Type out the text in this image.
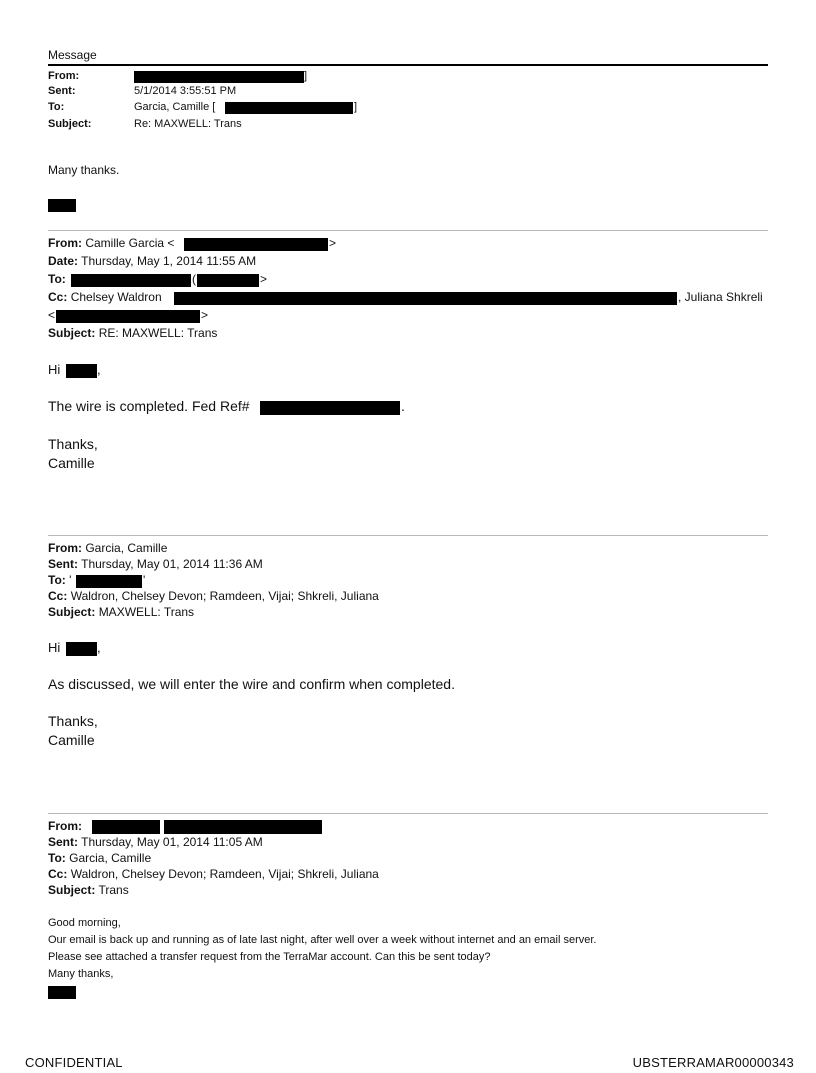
Message
From:	]
Sent:	5/1/2014 3:55:51 PM
To:	Garcia, Camille [	]
Subject:	Re: MAXWELL: Trans
Many thanks.
From: Camille Garcia <	>
Date: Thursday, May 1, 2014 11:55 AM
To:	(	>
Cc: Chelsey Waldron	, Juliana Shkreli
<	>
Subject: RE: MAXWELL: Trans
Hi	,
The wire is completed. Fed Ref#	.
Thanks,
Camille
From: Garcia, Camille
Sent: Thursday, May 01, 2014 11:36 AM
To: '	'
Cc: Waldron, Chelsey Devon; Ramdeen, Vijai; Shkreli, Juliana
Subject: MAXWELL: Trans
Hi	,
As discussed, we will enter the wire and confirm when completed.
Thanks,
Camille
From:
Sent: Thursday, May 01, 2014 11:05 AM
To: Garcia, Camille
Cc: Waldron, Chelsey Devon; Ramdeen, Vijai; Shkreli, Juliana
Subject: Trans
Good morning,
Our email is back up and running as of late last night, after well over a week without internet and an email server.
Please see attached a transfer request from the TerraMar account. Can this be sent today?
Many thanks,
CONFIDENTIAL	UBSTERRAMAR00000343
